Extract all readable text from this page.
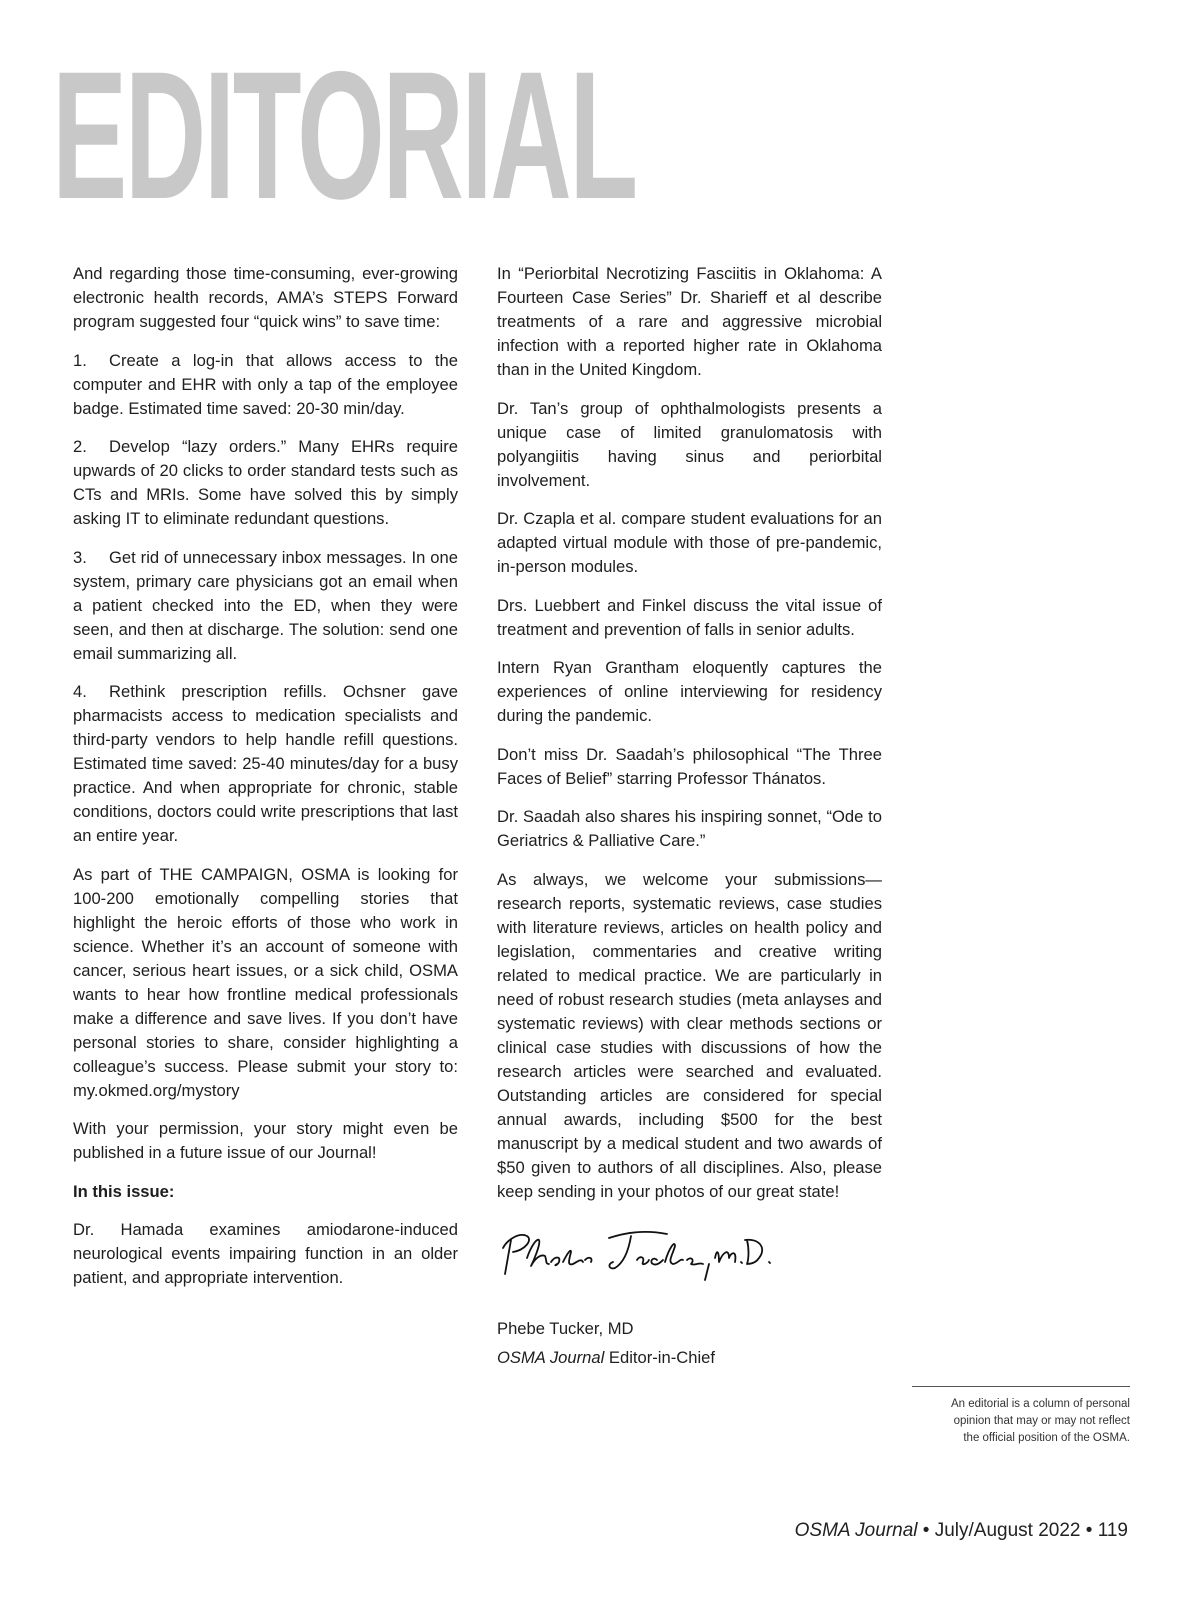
EDITORIAL

And regarding those time-consuming, ever-growing electronic health records, AMA’s STEPS Forward program suggested four “quick wins” to save time:

1. Create a log-in that allows access to the computer and EHR with only a tap of the employee badge. Estimated time saved: 20-30 min/day.

2. Develop “lazy orders.” Many EHRs require upwards of 20 clicks to order standard tests such as CTs and MRIs. Some have solved this by simply asking IT to eliminate redundant questions.

3. Get rid of unnecessary inbox messages. In one system, primary care physicians got an email when a patient checked into the ED, when they were seen, and then at discharge. The solution: send one email summarizing all.

4. Rethink prescription refills. Ochsner gave pharmacists access to medication specialists and third-party vendors to help handle refill questions. Estimated time saved: 25-40 minutes/day for a busy practice. And when appropriate for chronic, stable conditions, doctors could write prescriptions that last an entire year.

As part of THE CAMPAIGN, OSMA is looking for 100-200 emotionally compelling stories that highlight the heroic efforts of those who work in science. Whether it’s an account of someone with cancer, serious heart issues, or a sick child, OSMA wants to hear how frontline medical professionals make a difference and save lives. If you don’t have personal stories to share, consider highlighting a colleague’s success. Please submit your story to: my.okmed.org/mystory

With your permission, your story might even be published in a future issue of our Journal!

In this issue:

Dr. Hamada examines amiodarone-induced neurological events impairing function in an older patient, and appropriate intervention.

In “Periorbital Necrotizing Fasciitis in Oklahoma: A Fourteen Case Series” Dr. Sharieff et al describe treatments of a rare and aggressive microbial infection with a reported higher rate in Oklahoma than in the United Kingdom.

Dr. Tan’s group of ophthalmologists presents a unique case of limited granulomatosis with polyangiitis having sinus and periorbital involvement.

Dr. Czapla et al. compare student evaluations for an adapted virtual module with those of pre-pandemic, in-person modules.

Drs. Luebbert and Finkel discuss the vital issue of treatment and prevention of falls in senior adults.

Intern Ryan Grantham eloquently captures the experiences of online interviewing for residency during the pandemic.

Don’t miss Dr. Saadah’s philosophical “The Three Faces of Belief” starring Professor Thánatos.

Dr. Saadah also shares his inspiring sonnet, “Ode to Geriatrics & Palliative Care.”

As always, we welcome your submissions—research reports, systematic reviews, case studies with literature reviews, articles on health policy and legislation, commentaries and creative writing related to medical practice. We are particularly in need of robust research studies (meta anlayses and systematic reviews) with clear methods sections or clinical case studies with discussions of how the research articles were searched and evaluated. Outstanding articles are considered for special annual awards, including $500 for the best manuscript by a medical student and two awards of $50 given to authors of all disciplines. Also, please keep sending in your photos of our great state!

Phebe Tucker, MD
OSMA Journal Editor-in-Chief
An editorial is a column of personal
opinion that may or may not reflect
the official position of the OSMA.
OSMA Journal • July/August 2022 • 119
